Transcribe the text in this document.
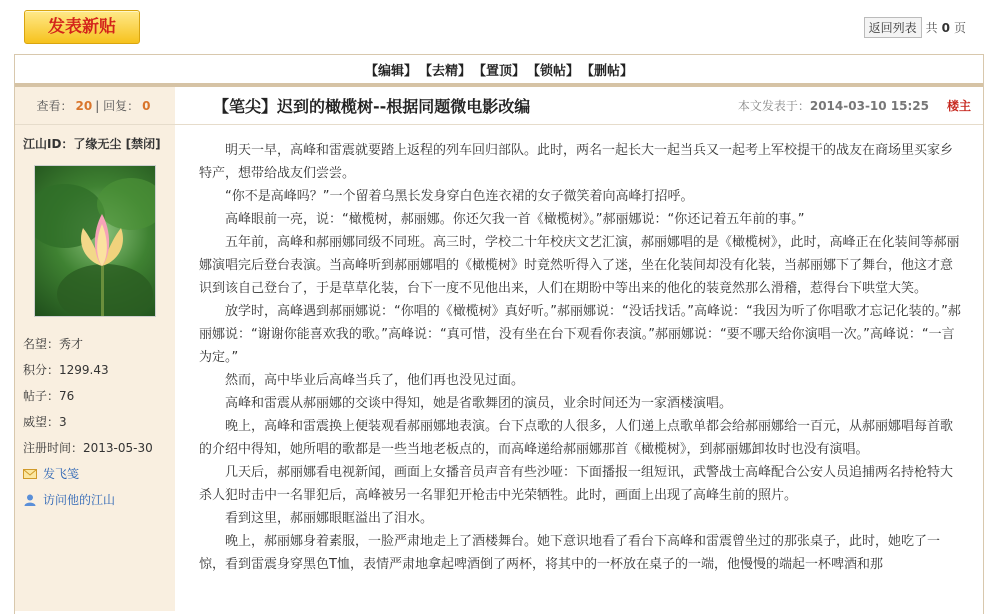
发表新贴	返回列表 共 0 页
【编辑】 【去精】 【置顶】 【锁帖】 【删帖】
查看： 20 |
回复： 0	【笔尖】迟到的橄榄树--根据同题微电影改编	本文发表于：2014-03-10 15:25 楼主
江山ID：了缘无尘 [禁闭]
名望：秀才
积分：1299.43
帖子：76
威望：3
注册时间：2013-05-30
发飞笺
访问他的江山

明天一早，高峰和雷震就要踏上返程的列车回归部队。此时，两名一起长大一起当兵又一起考上军校提干的战友在商场里买家乡特产，想带给战友们尝尝。

“你不是高峰吗？”一个留着乌黑长发身穿白色连衣裙的女子微笑着向高峰打招呼。

高峰眼前一亮，说：“橄榄树，郝丽娜。你还欠我一首《橄榄树》。”郝丽娜说：“你还记着五年前的事。”

五年前，高峰和郝丽娜同级不同班。高三时，学校二十年校庆文艺汇演，郝丽娜唱的是《橄榄树》，此时，高峰正在化装间等郝丽娜演唱完后登台表演。当高峰听到郝丽娜唱的《橄榄树》时竟然听得入了迷，坐在化装间却没有化装，当郝丽娜下了舞台，他这才意识到该自己登台了，于是草草化装，台下一度不见他出来，人们在期盼中等出来的他化的装竟然那么滑稽，惹得台下哄堂大笑。

放学时，高峰遇到郝丽娜说：“你唱的《橄榄树》真好听。”郝丽娜说：“没话找话。”高峰说：“我因为听了你唱歌才忘记化装的。”郝丽娜说：“谢谢你能喜欢我的歌。”高峰说：“真可惜，没有坐在台下观看你表演。”郝丽娜说：“要不哪天给你演唱一次。”高峰说：“一言为定。”

然而，高中毕业后高峰当兵了，他们再也没见过面。

高峰和雷震从郝丽娜的交谈中得知，她是省歌舞团的演员，业余时间还为一家酒楼演唱。

晚上，高峰和雷震换上便装观看郝丽娜地表演。台下点歌的人很多，人们递上点歌单都会给郝丽娜给一百元，从郝丽娜唱每首歌的介绍中得知，她所唱的歌都是一些当地老板点的，而高峰递给郝丽娜那首《橄榄树》，到郝丽娜卸妆时也没有演唱。

几天后，郝丽娜看电视新闻，画面上女播音员声音有些沙哑：下面播报一组短讯，武警战士高峰配合公安人员追捕两名持枪特大杀人犯时击中一名罪犯后，高峰被另一名罪犯开枪击中光荣牺牲。此时，画面上出现了高峰生前的照片。

看到这里，郝丽娜眼眶溢出了泪水。

晚上，郝丽娜身着素服，一脸严肃地走上了酒楼舞台。她下意识地看了看台下高峰和雷震曾坐过的那张桌子，此时，她吃了一惊，看到雷震身穿黑色T恤，表情严肃地拿起啤酒倒了两杯，将其中的一杯放在桌子的一端，他慢慢的端起一杯啤酒和那
